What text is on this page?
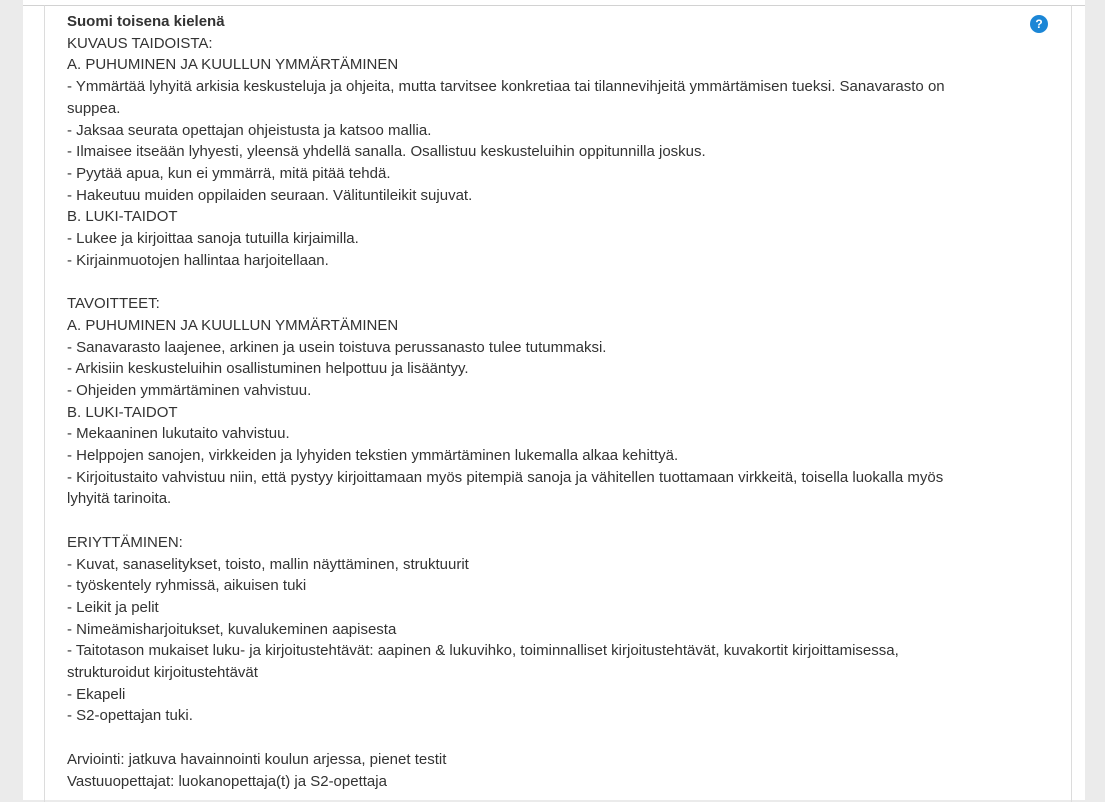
Suomi toisena kielenä
KUVAUS TAIDOISTA:
A. PUHUMINEN JA KUULLUN YMMÄRTÄMINEN
- Ymmärtää lyhyitä arkisia keskusteluja ja ohjeita, mutta tarvitsee konkretiaa tai tilannevihjeitä ymmärtämisen tueksi. Sanavarasto on
suppea.
- Jaksaa seurata opettajan ohjeistusta ja katsoo mallia.
- Ilmaisee itseään lyhyesti, yleensä yhdellä sanalla. Osallistuu keskusteluihin oppitunnilla joskus.
- Pyytää apua, kun ei ymmärrä, mitä pitää tehdä.
- Hakeutuu muiden oppilaiden seuraan. Välituntileikit sujuvat.
B. LUKI-TAIDOT
- Lukee ja kirjoittaa sanoja tutuilla kirjaimilla.
- Kirjainmuotojen hallintaa harjoitellaan.
TAVOITTEET:
A. PUHUMINEN JA KUULLUN YMMÄRTÄMINEN
- Sanavarasto laajenee, arkinen ja usein toistuva perussanasto tulee tutummaksi.
- Arkisiin keskusteluihin osallistuminen helpottuu ja lisääntyy.
- Ohjeiden ymmärtäminen vahvistuu.
B. LUKI-TAIDOT
- Mekaaninen lukutaito vahvistuu.
- Helppojen sanojen, virkkeiden ja lyhyiden tekstien ymmärtäminen lukemalla alkaa kehittyä.
- Kirjoitustaito vahvistuu niin, että pystyy kirjoittamaan myös pitempiä sanoja ja vähitellen tuottamaan virkkeitä, toisella luokalla myös
lyhyitä tarinoita.
ERIYTTÄMINEN:
- Kuvat, sanaselitykset, toisto, mallin näyttäminen, struktuurit
- työskentely ryhmissä, aikuisen tuki
- Leikit ja pelit
- Nimeämisharjoitukset, kuvalukeminen aapisesta
- Taitotason mukaiset luku- ja kirjoitustehtävät: aapinen & lukuvihko, toiminnalliset kirjoitustehtävät, kuvakortit kirjoittamisessa,
strukturoidut kirjoitustehtävät
- Ekapeli
- S2-opettajan tuki.
Arviointi: jatkuva havainnointi koulun arjessa, pienet testit
Vastuuopettajat: luokanopettaja(t) ja S2-opettaja
?
